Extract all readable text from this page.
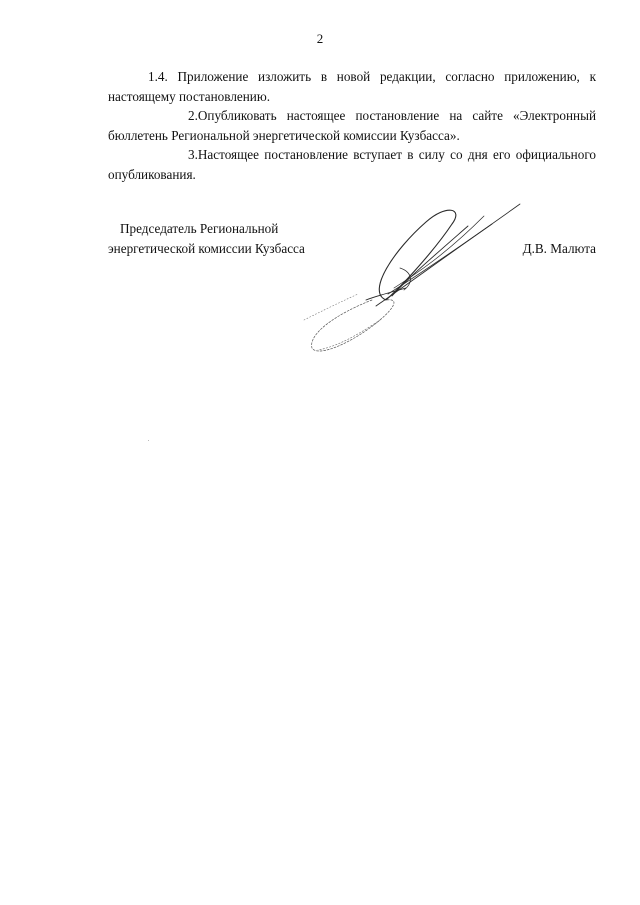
2

1.4. Приложение изложить в новой редакции, согласно приложению, к настоящему постановлению.

2.Опубликовать настоящее постановление на сайте «Электронный бюллетень Региональной энергетической комиссии Кузбасса».

3.Настоящее постановление вступает в силу со дня его официального опубликования.

Председатель Региональной
энергетической комиссии Кузбасса	Д.В. Малюта
